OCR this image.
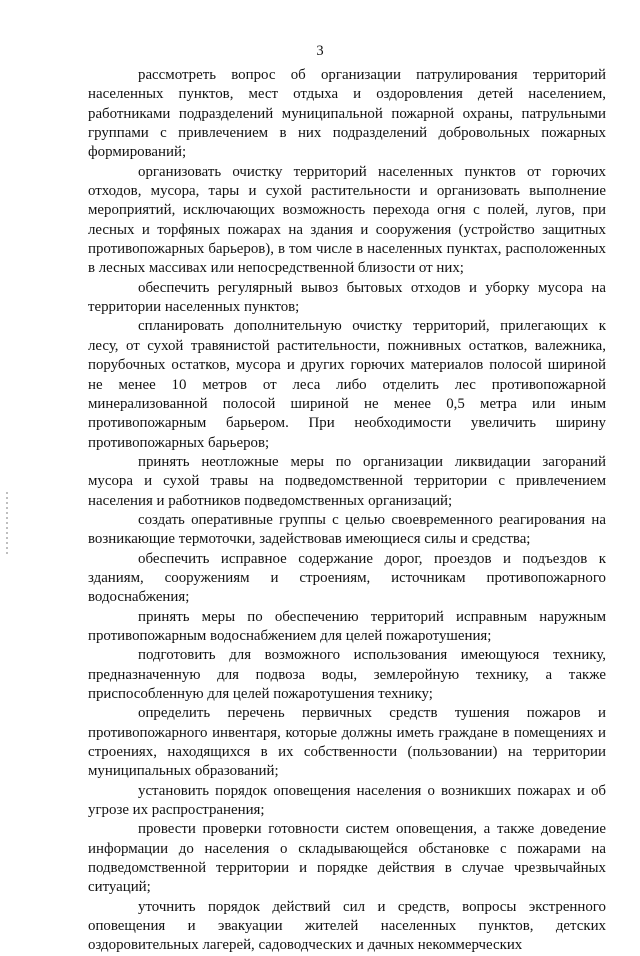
3

рассмотреть вопрос об организации патрулирования территорий населенных пунктов, мест отдыха и оздоровления детей населением, работниками подразделений муниципальной пожарной охраны, патрульными группами с привлечением в них подразделений добровольных пожарных формирований;

организовать очистку территорий населенных пунктов от горючих отходов, мусора, тары и сухой растительности и организовать выполнение мероприятий, исключающих возможность перехода огня с полей, лугов, при лесных и торфяных пожарах на здания и сооружения (устройство защитных противопожарных барьеров), в том числе в населенных пунктах, расположенных в лесных массивах или непосредственной близости от них;

обеспечить регулярный вывоз бытовых отходов и уборку мусора на территории населенных пунктов;

спланировать дополнительную очистку территорий, прилегающих к лесу, от сухой травянистой растительности, пожнивных остатков, валежника, порубочных остатков, мусора и других горючих материалов полосой шириной не менее 10 метров от леса либо отделить лес противопожарной минерализованной полосой шириной не менее 0,5 метра или иным противопожарным барьером. При необходимости увеличить ширину противопожарных барьеров;

принять неотложные меры по организации ликвидации загораний мусора и сухой травы на подведомственной территории с привлечением населения и работников подведомственных организаций;

создать оперативные группы с целью своевременного реагирования на возникающие термоточки, задействовав имеющиеся силы и средства;

обеспечить исправное содержание дорог, проездов и подъездов к зданиям, сооружениям и строениям, источникам противопожарного водоснабжения;

принять меры по обеспечению территорий исправным наружным противопожарным водоснабжением для целей пожаротушения;

подготовить для возможного использования имеющуюся технику, предназначенную для подвоза воды, землеройную технику, а также приспособленную для целей пожаротушения технику;

определить перечень первичных средств тушения пожаров и противопожарного инвентаря, которые должны иметь граждане в помещениях и строениях, находящихся в их собственности (пользовании) на территории муниципальных образований;

установить порядок оповещения населения о возникших пожарах и об угрозе их распространения;

провести проверки готовности систем оповещения, а также доведение информации до населения о складывающейся обстановке с пожарами на подведомственной территории и порядке действия в случае чрезвычайных ситуаций;

уточнить порядок действий сил и средств, вопросы экстренного оповещения и эвакуации жителей населенных пунктов, детских оздоровительных лагерей, садоводческих и дачных некоммерческих
